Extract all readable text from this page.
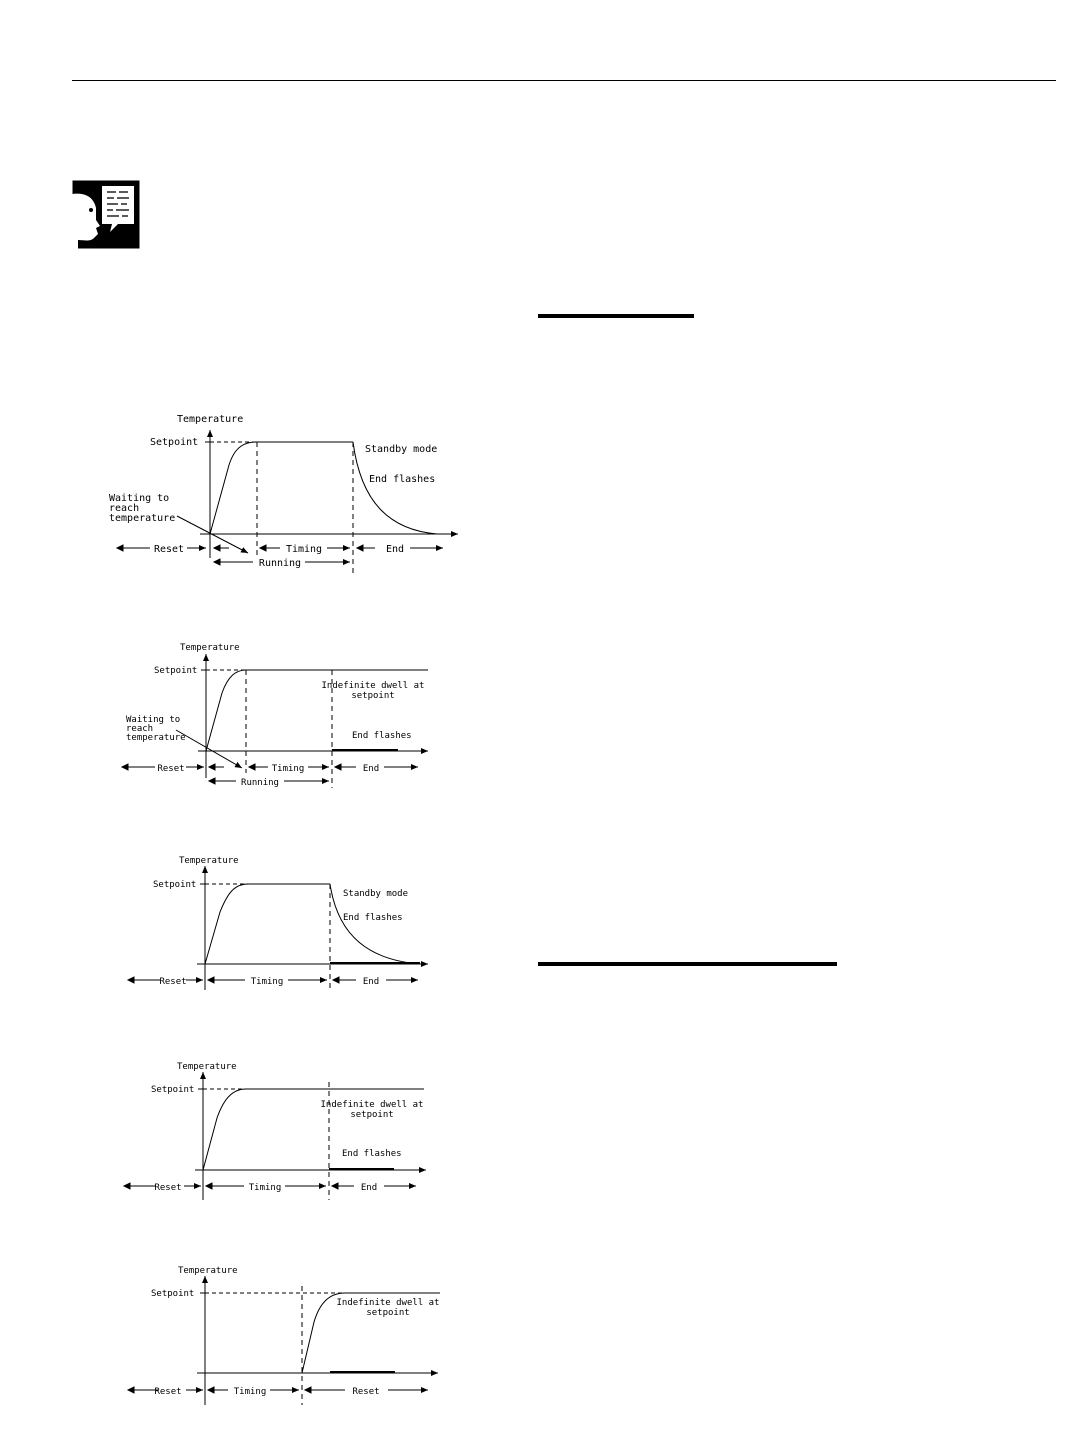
Temperature
Setpoint
Standby mode
End flashes
Waiting to
reach
temperature
Reset	Timing	End
Running
Temperature
Setpoint
Indefinite dwell at
setpoint
End flashes
Waiting to
reach
temperature
Reset	Timing	End
Running
Temperature
Setpoint
Standby mode
End flashes
Reset	Timing	End
Temperature
Setpoint
Indefinite dwell at
setpoint
End flashes
Reset	Timing	End
Temperature
Setpoint
Indefinite dwell at
setpoint
Reset	Timing	Reset
